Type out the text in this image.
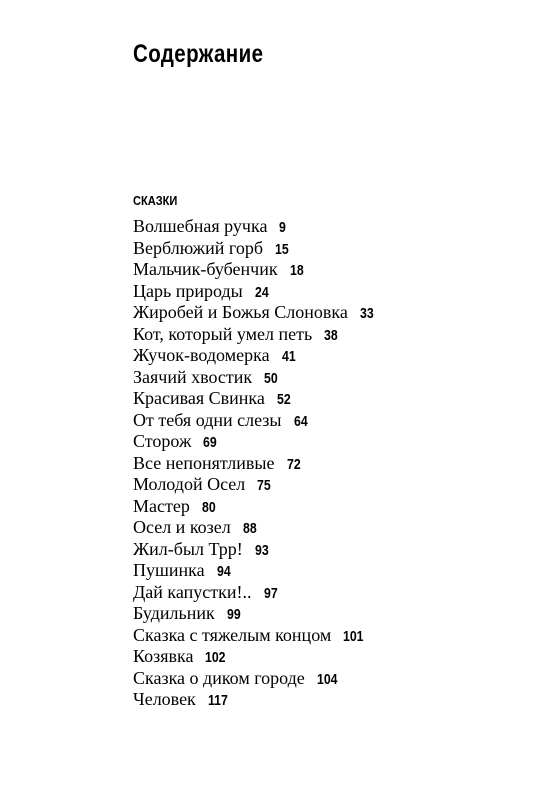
Содержание
СКАЗКИ
Волшебная ручка 9
Верблюжий горб 15
Мальчик-бубенчик 18
Царь природы 24
Жиробей и Божья Слоновка 33
Кот, который умел петь 38
Жучок-водомерка 41
Заячий хвостик 50
Красивая Свинка 52
От тебя одни слезы 64
Сторож 69
Все непонятливые 72
Молодой Осел 75
Мастер 80
Осел и козел 88
Жил-был Трр! 93
Пушинка 94
Дай капустки!.. 97
Будильник 99
Сказка с тяжелым концом 101
Козявка 102
Сказка о диком городе 104
Человек 117
